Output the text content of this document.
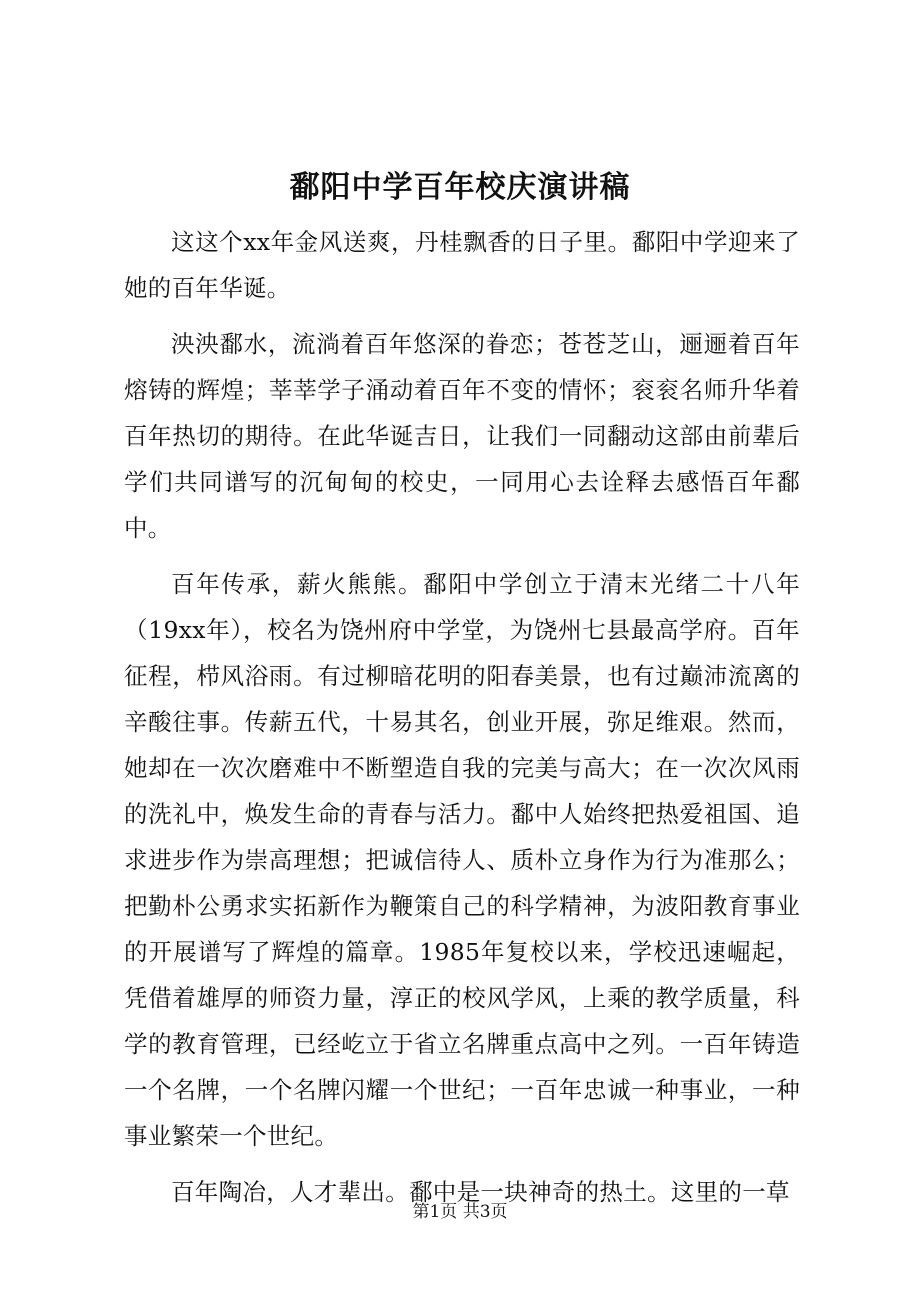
鄱阳中学百年校庆演讲稿

这这个xx年金风送爽，丹桂飘香的日子里。鄱阳中学迎来了她的百年华诞。

泱泱鄱水，流淌着百年悠深的眷恋；苍苍芝山，逦逦着百年熔铸的辉煌；莘莘学子涌动着百年不变的情怀；衮衮名师升华着百年热切的期待。在此华诞吉日，让我们一同翻动这部由前辈后学们共同谱写的沉甸甸的校史，一同用心去诠释去感悟百年鄱中。

百年传承，薪火熊熊。鄱阳中学创立于清末光绪二十八年（19xx年），校名为饶州府中学堂，为饶州七县最高学府。百年征程，栉风浴雨。有过柳暗花明的阳春美景，也有过巅沛流离的辛酸往事。传薪五代，十易其名，创业开展，弥足维艰。然而，她却在一次次磨难中不断塑造自我的完美与高大；在一次次风雨的洗礼中，焕发生命的青春与活力。鄱中人始终把热爱祖国、追求进步作为崇高理想；把诚信待人、质朴立身作为行为准那么；把勤朴公勇求实拓新作为鞭策自己的科学精神，为波阳教育事业的开展谱写了辉煌的篇章。1985年复校以来，学校迅速崛起，凭借着雄厚的师资力量，淳正的校风学风，上乘的教学质量，科学的教育管理，已经屹立于省立名牌重点高中之列。一百年铸造一个名牌，一个名牌闪耀一个世纪；一百年忠诚一种事业，一种事业繁荣一个世纪。

百年陶冶，人才辈出。鄱中是一块神奇的热土。这里的一草

第1页 共3页
